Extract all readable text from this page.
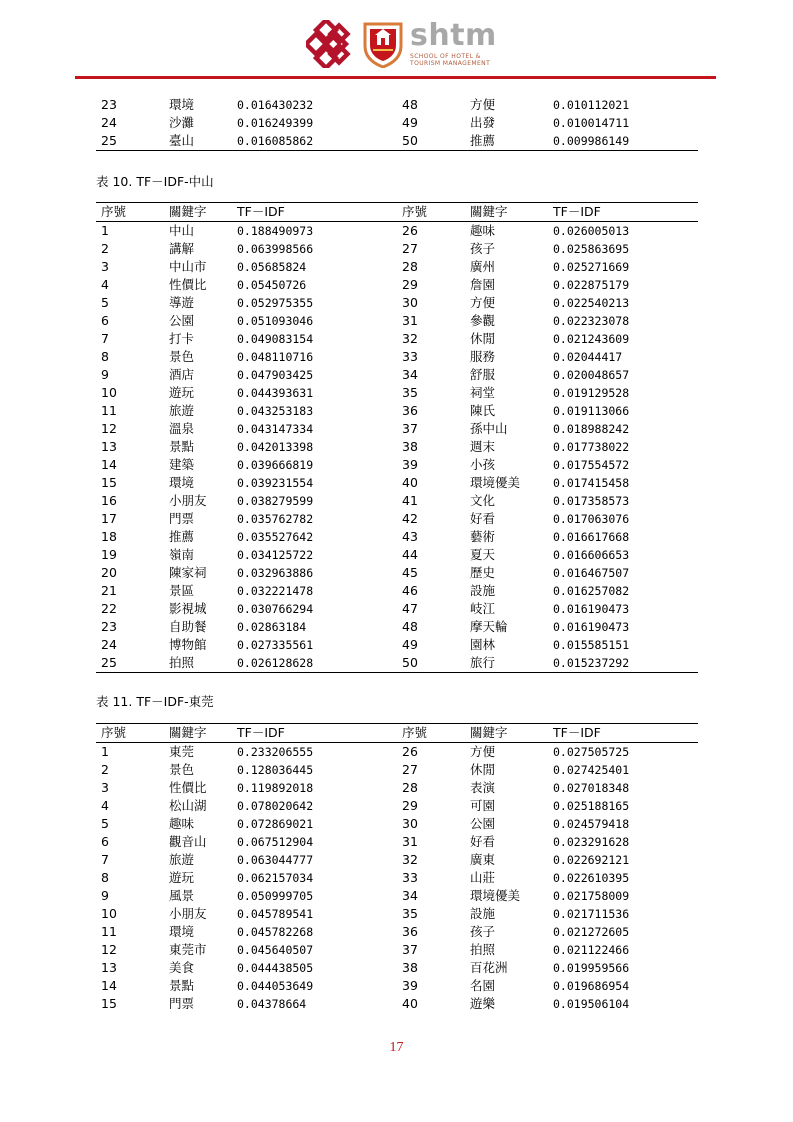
shtm
SCHOOL OF HOTEL &
TOURISM MANAGEMENT
23	環境	0.016430232	48	方便	0.010112021
24	沙灘	0.016249399	49	出發	0.010014711
25	臺山	0.016085862	50	推薦	0.009986149
表 10. TF－IDF-中山
序號	關鍵字	TF－IDF	序號	關鍵字	TF－IDF
1	中山	0.188490973	26	趣味	0.026005013
2	講解	0.063998566	27	孩子	0.025863695
3	中山市	0.05685824	28	廣州	0.025271669
4	性價比	0.05450726	29	詹園	0.022875179
5	導遊	0.052975355	30	方便	0.022540213
6	公園	0.051093046	31	參觀	0.022323078
7	打卡	0.049083154	32	休閒	0.021243609
8	景色	0.048110716	33	服務	0.02044417
9	酒店	0.047903425	34	舒服	0.020048657
10	遊玩	0.044393631	35	祠堂	0.019129528
11	旅遊	0.043253183	36	陳氏	0.019113066
12	溫泉	0.043147334	37	孫中山	0.018988242
13	景點	0.042013398	38	週末	0.017738022
14	建築	0.039666819	39	小孩	0.017554572
15	環境	0.039231554	40	環境優美	0.017415458
16	小朋友	0.038279599	41	文化	0.017358573
17	門票	0.035762782	42	好看	0.017063076
18	推薦	0.035527642	43	藝術	0.016617668
19	嶺南	0.034125722	44	夏天	0.016606653
20	陳家祠	0.032963886	45	歷史	0.016467507
21	景區	0.032221478	46	設施	0.016257082
22	影視城	0.030766294	47	岐江	0.016190473
23	自助餐	0.02863184	48	摩天輪	0.016190473
24	博物館	0.027335561	49	園林	0.015585151
25	拍照	0.026128628	50	旅行	0.015237292
表 11. TF－IDF-東莞
序號	關鍵字	TF－IDF	序號	關鍵字	TF－IDF
1	東莞	0.233206555	26	方便	0.027505725
2	景色	0.128036445	27	休閒	0.027425401
3	性價比	0.119892018	28	表演	0.027018348
4	松山湖	0.078020642	29	可園	0.025188165
5	趣味	0.072869021	30	公園	0.024579418
6	觀音山	0.067512904	31	好看	0.023291628
7	旅遊	0.063044777	32	廣東	0.022692121
8	遊玩	0.062157034	33	山莊	0.022610395
9	風景	0.050999705	34	環境優美	0.021758009
10	小朋友	0.045789541	35	設施	0.021711536
11	環境	0.045782268	36	孩子	0.021272605
12	東莞市	0.045640507	37	拍照	0.021122466
13	美食	0.044438505	38	百花洲	0.019959566
14	景點	0.044053649	39	名園	0.019686954
15	門票	0.04378664	40	遊樂	0.019506104
17
